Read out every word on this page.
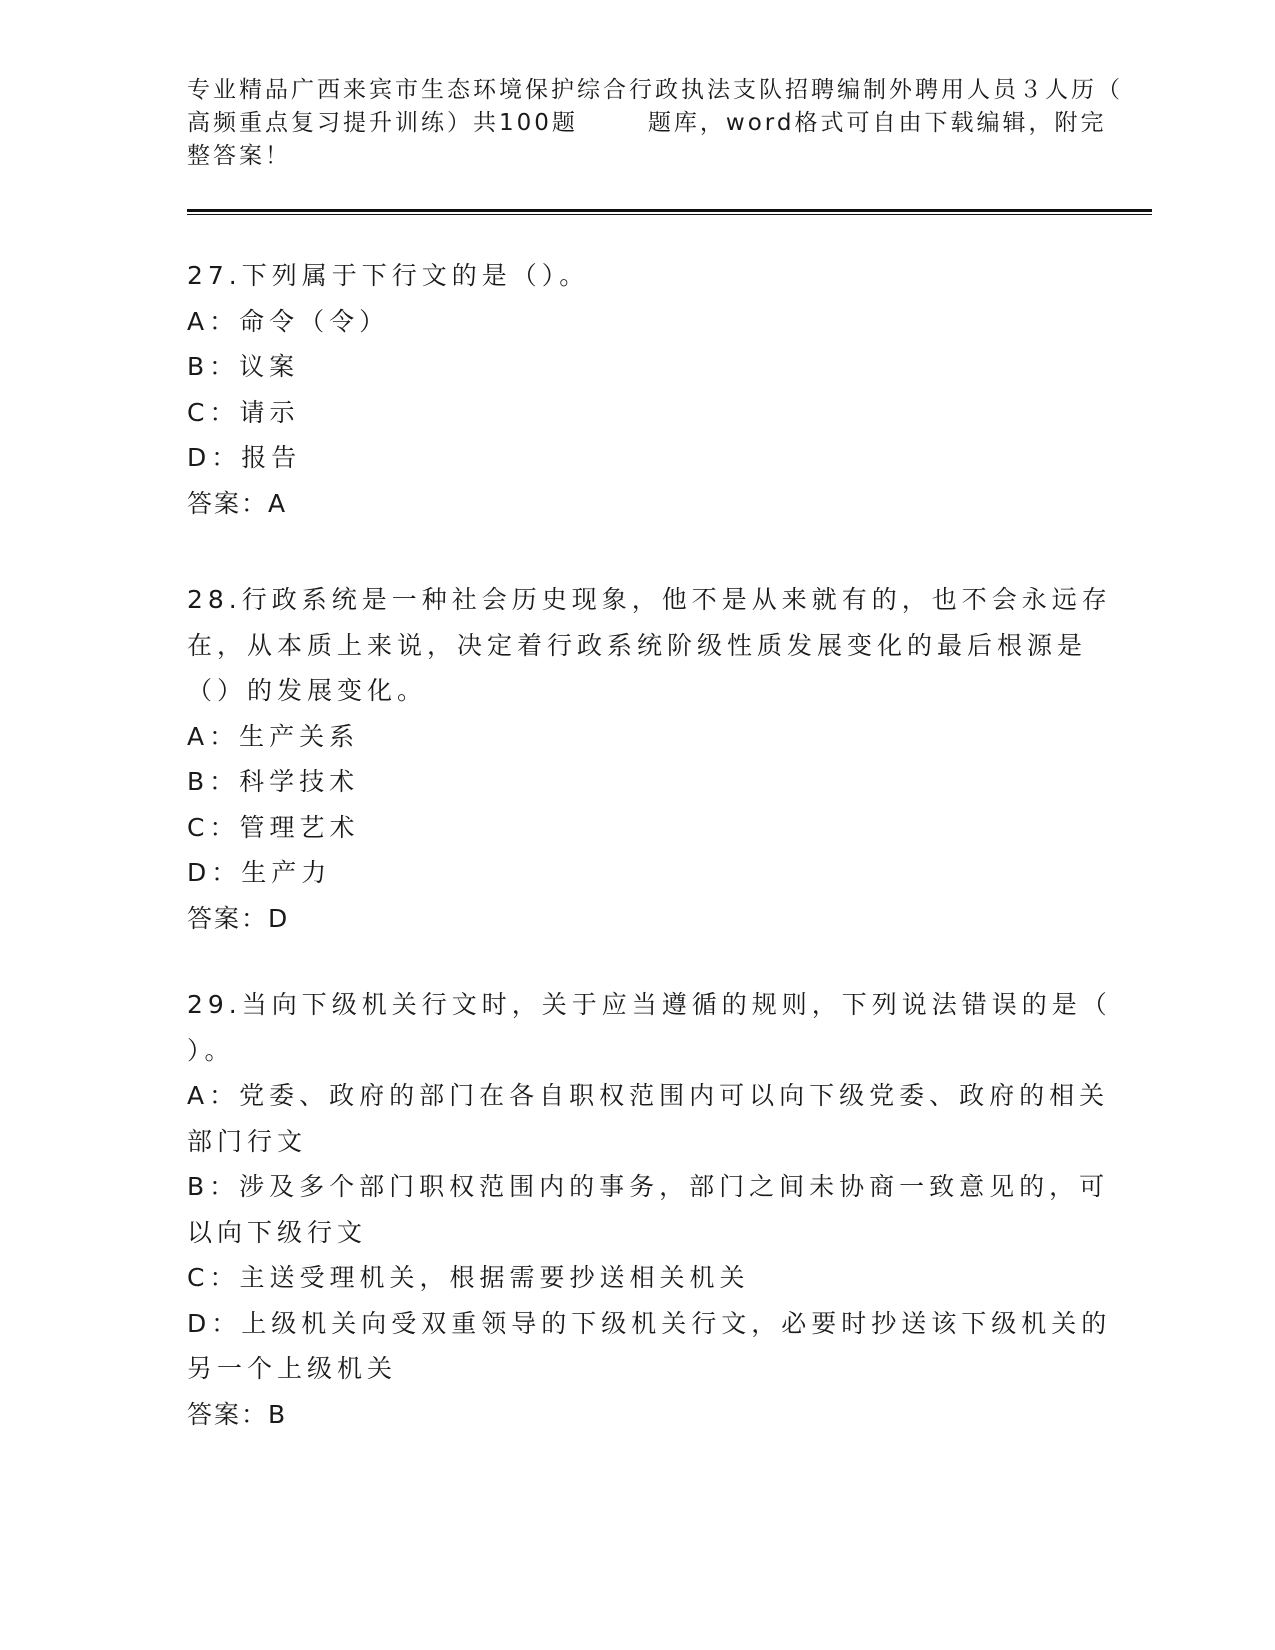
专业精品广西来宾市生态环境保护综合行政执法支队招聘编制外聘用人员３人历（
高频重点复习提升训练）共100题	题库，word格式可自由下载编辑，附完
整答案！
27.下列属于下行文的是（）。
A：命令（令）
B：议案
C：请示
D：报告
答案：A
28.行政系统是一种社会历史现象，他不是从来就有的，也不会永远存
在，从本质上来说，决定着行政系统阶级性质发展变化的最后根源是
（）的发展变化。
A：生产关系
B：科学技术
C：管理艺术
D：生产力
答案：D
29.当向下级机关行文时，关于应当遵循的规则，下列说法错误的是（
）。
A：党委、政府的部门在各自职权范围内可以向下级党委、政府的相关
部门行文
B：涉及多个部门职权范围内的事务，部门之间未协商一致意见的，可
以向下级行文
C：主送受理机关，根据需要抄送相关机关
D：上级机关向受双重领导的下级机关行文，必要时抄送该下级机关的
另一个上级机关
答案：B
